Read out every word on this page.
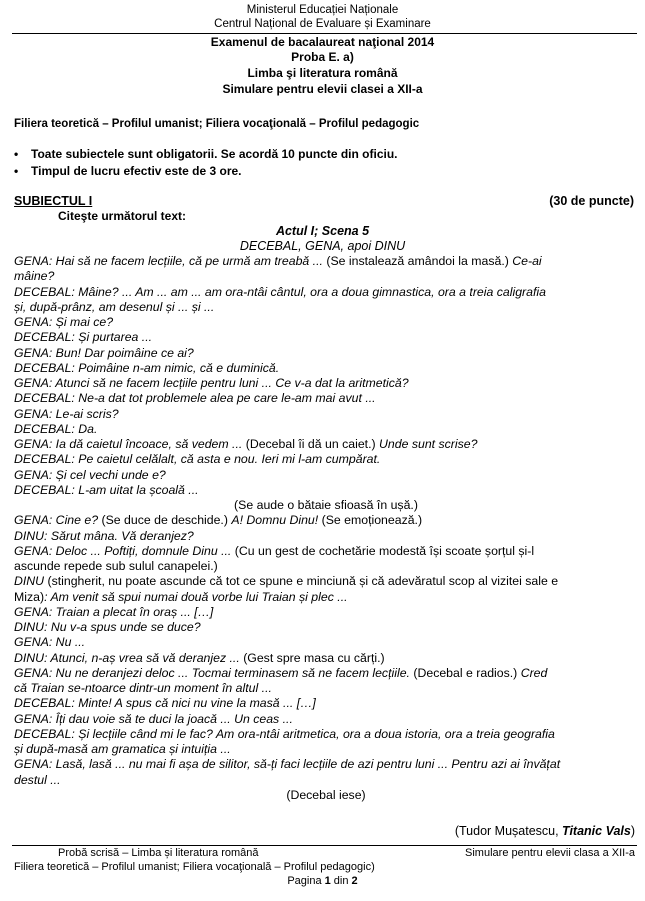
Ministerul Educației Naționale
Centrul Național de Evaluare și Examinare
Examenul de bacalaureat naţional 2014
Proba E. a)
Limba şi literatura română
Simulare pentru elevii clasei a XII-a
Filiera teoretică – Profilul umanist; Filiera vocaţională – Profilul pedagogic
•	Toate subiectele sunt obligatorii. Se acordă 10 puncte din oficiu.
•	Timpul de lucru efectiv este de 3 ore.
SUBIECTUL I	(30 de puncte)
Citeşte următorul text:
Actul I; Scena 5
DECEBAL, GENA, apoi DINU
GENA: Hai să ne facem lecțiile, că pe urmă am treabă ... (Se instalează amândoi la masă.) Ce-ai
mâine?
DECEBAL: Mâine? ... Am ... am ... am ora-ntâi cântul, ora a doua gimnastica, ora a treia caligrafia
și, după-prânz, am desenul și ... și ...
GENA: Și mai ce?
DECEBAL: Și purtarea ...
GENA: Bun! Dar poimâine ce ai?
DECEBAL: Poimâine n-am nimic, că e duminică.
GENA: Atunci să ne facem lecțiile pentru luni ... Ce v-a dat la aritmetică?
DECEBAL: Ne-a dat tot problemele alea pe care le-am mai avut ...
GENA: Le-ai scris?
DECEBAL: Da.
GENA: Ia dă caietul încoace, să vedem ... (Decebal îi dă un caiet.) Unde sunt scrise?
DECEBAL: Pe caietul celălalt, că asta e nou. Ieri mi l-am cumpărat.
GENA: Și cel vechi unde e?
DECEBAL: L-am uitat la școală ...
(Se aude o bătaie sfioasă în ușă.)
GENA: Cine e? (Se duce de deschide.) A! Domnu Dinu! (Se emoționează.)
DINU: Sărut mâna. Vă deranjez?
GENA: Deloc ... Poftiți, domnule Dinu ... (Cu un gest de cochetărie modestă își scoate șorțul și-l
ascunde repede sub sulul canapelei.)
DINU (stingherit, nu poate ascunde că tot ce spune e minciună și că adevăratul scop al vizitei sale e
Miza): Am venit să spui numai două vorbe lui Traian și plec ...
GENA: Traian a plecat în oraș ... […]
DINU: Nu v-a spus unde se duce?
GENA: Nu ...
DINU: Atunci, n-aș vrea să vă deranjez ... (Gest spre masa cu cărți.)
GENA: Nu ne deranjezi deloc ... Tocmai terminasem să ne facem lecțiile. (Decebal e radios.) Cred
că Traian se-ntoarce dintr-un moment în altul ...
DECEBAL: Minte! A spus că nici nu vine la masă ... […]
GENA: Îți dau voie să te duci la joacă ... Un ceas ...
DECEBAL: Și lecțiile când mi le fac? Am ora-ntâi aritmetica, ora a doua istoria, ora a treia geografia
și după-masă am gramatica și intuiția ...
GENA: Lasă, lasă ... nu mai fi așa de silitor, să-ți faci lecțiile de azi pentru luni ... Pentru azi ai învățat
destul ...
(Decebal iese)
(Tudor Mușatescu, Titanic Vals)
Probă scrisă – Limba și literatura română	Simulare pentru elevii clasa a XII-a
Filiera teoretică – Profilul umanist; Filiera vocaţională – Profilul pedagogic)
Pagina 1 din 2
